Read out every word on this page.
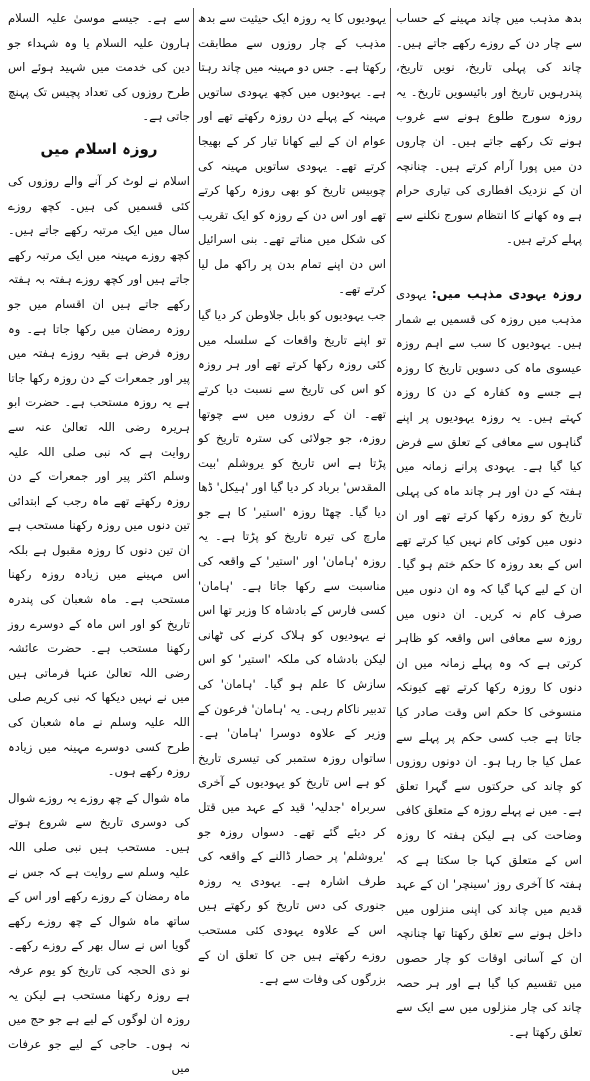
بدھ مذہب میں چاند مہینے کے حساب سے چار دن کے روزے رکھے جاتے ہیں۔ چاند کی پہلی تاریخ، نویں تاریخ، پندرہویں تاریخ اور بائیسویں تاریخ۔ یہ روزہ سورج طلوع ہونے سے غروب ہونے تک رکھے جاتے ہیں۔ ان چاروں دن میں پورا آرام کرتے ہیں۔ چنانچہ ان کے نزدیک افطاری کی تیاری حرام ہے وہ کھانے کا انتظام سورج نکلنے سے پہلے کرتے ہیں۔

روزہ یہودی مذہب میں: یہودی مذہب میں روزہ کی قسمیں بے شمار ہیں۔ یہودیوں کا سب سے اہم روزہ عیسوی ماہ کی دسویں تاریخ کا روزہ ہے جسے وہ کفارہ کے دن کا روزہ کہتے ہیں۔ یہ روزہ یہودیوں پر اپنے گناہوں سے معافی کے تعلق سے فرض کیا گیا ہے۔ یہودی پرانے زمانہ میں ہفتہ کے دن اور ہر چاند ماہ کی پہلی تاریخ کو روزہ رکھا کرتے تھے اور ان دنوں میں کوئی کام نہیں کیا کرتے تھے اس کے بعد روزہ کا حکم ختم ہو گیا۔ ان کے لیے کہا گیا کہ وہ ان دنوں میں صرف کام نہ کریں۔ ان دنوں میں روزہ سے معافی اس واقعہ کو ظاہر کرتی ہے کہ وہ پہلے زمانہ میں ان دنوں کا روزہ رکھا کرتے تھے کیونکہ منسوخی کا حکم اس وقت صادر کیا جاتا ہے جب کسی حکم پر پہلے سے عمل کیا جا رہا ہو۔ ان دونوں روزوں کو چاند کی حرکتوں سے گہرا تعلق ہے۔ میں نے پہلے روزہ کے متعلق کافی وضاحت کی ہے لیکن ہفتہ کا روزہ اس کے متعلق کہا جا سکتا ہے کہ ہفتہ کا آخری روز 'سینچر' ان کے عہد قدیم میں چاند کی اپنی منزلوں میں داخل ہونے سے تعلق رکھتا تھا چنانچہ ان کے آسانی اوقات کو چار حصوں میں تقسیم کیا گیا ہے اور ہر حصہ چاند کی چار منزلوں میں سے ایک سے تعلق رکھتا ہے۔

یہودیوں کا یہ روزہ ایک حیثیت سے بدھ مذہب کے چار روزوں سے مطابقت رکھتا ہے۔ جس دو مہینہ میں چاند رہتا ہے۔ یہودیوں میں کچھ یہودی ساتویں مہینہ کے پہلے دن روزہ رکھتے تھے اور عوام ان کے لیے کھانا تیار کر کے بھیجا کرتے تھے۔ یہودی ساتویں مہینہ کی چوبیس تاریخ کو بھی روزہ رکھا کرتے تھے اور اس دن کے روزہ کو ایک تقریب کی شکل میں مناتے تھے۔ بنی اسرائیل اس دن اپنے تمام بدن پر راکھ مل لیا کرتے تھے۔

جب یہودیوں کو بابل جلاوطن کر دیا گیا تو اپنے تاریخ واقعات کے سلسلہ میں کئی روزہ رکھا کرتے تھے اور ہر روزہ کو اس کی تاریخ سے نسبت دیا کرتے تھے۔ ان کے روزوں میں سے چوتھا روزہ، جو جولائی کی سترہ تاریخ کو پڑتا ہے اس تاریخ کو یروشلم 'بیت المقدس' برباد کر دیا گیا اور 'ہیکل' ڈھا دیا گیا۔ چھٹا روزہ 'استیر' کا ہے جو مارچ کی تیرہ تاریخ کو پڑتا ہے۔ یہ روزہ 'ہامان' اور 'استیر' کے واقعہ کی مناسبت سے رکھا جاتا ہے۔ 'ہامان' کسی فارس کے بادشاہ کا وزیر تھا اس نے یہودیوں کو ہلاک کرنے کی ٹھانی لیکن بادشاہ کی ملکہ 'استیر' کو اس سازش کا علم ہو گیا۔ 'ہامان' کی تدبیر ناکام رہی۔ یہ 'ہامان' فرعون کے وزیر کے علاوہ دوسرا 'ہامان' ہے۔ ساتواں روزہ ستمبر کی تیسری تاریخ کو ہے اس تاریخ کو یہودیوں کے آخری سربراہ 'جدلیہ' قید کے عہد میں قتل کر دیئے گئے تھے۔ دسواں روزہ جو 'یروشلم' پر حصار ڈالنے کے واقعہ کی طرف اشارہ ہے۔ یہودی یہ روزہ جنوری کی دس تاریخ کو رکھتے ہیں اس کے علاوہ یہودی کئی مستحب روزے رکھتے ہیں جن کا تعلق ان کے بزرگوں کی وفات سے ہے۔

سے ہے۔ جیسے موسیٰ علیہ السلام ہارون علیہ السلام یا وہ شہداء جو دین کی خدمت میں شہید ہوئے اس طرح روزوں کی تعداد پچیس تک پہنچ جاتی ہے۔

روزہ اسلام میں

اسلام نے لوٹ کر آنے والے روزوں کی کئی قسمیں کی ہیں۔ کچھ روزے سال میں ایک مرتبہ رکھے جاتے ہیں۔ کچھ روزے مہینہ میں ایک مرتبہ رکھے جاتے ہیں اور کچھ روزے ہفتہ بہ ہفتہ رکھے جاتے ہیں ان اقسام میں جو روزہ رمضان میں رکھا جاتا ہے۔ وہ روزہ فرض ہے بقیہ روزے ہفتہ میں پیر اور جمعرات کے دن روزہ رکھا جاتا ہے یہ روزہ مستحب ہے۔ حضرت ابو ہریرہ رضی اللہ تعالیٰ عنہ سے روایت ہے کہ نبی صلی اللہ علیہ وسلم اکثر پیر اور جمعرات کے دن روزہ رکھتے تھے ماہ رجب کے ابتدائی تین دنوں میں روزہ رکھنا مستحب ہے ان تین دنوں کا روزہ مقبول ہے بلکہ اس مہینے میں زیادہ روزہ رکھنا مستحب ہے۔ ماہ شعبان کی پندرہ تاریخ کو اور اس ماہ کے دوسرے روز رکھنا مستحب ہے۔ حضرت عائشہ رضی اللہ تعالیٰ عنہا فرماتی ہیں میں نے نہیں دیکھا کہ نبی کریم صلی اللہ علیہ وسلم نے ماہ شعبان کی طرح کسی دوسرے مہینہ میں زیادہ روزہ رکھے ہوں۔

ماہ شوال کے چھ روزے یہ روزے شوال کی دوسری تاریخ سے شروع ہوتے ہیں۔ مستحب ہیں نبی صلی اللہ علیہ وسلم سے روایت ہے کہ جس نے ماہ رمضان کے روزے رکھے اور اس کے ساتھ ماہ شوال کے چھ روزے رکھے گویا اس نے سال بھر کے روزے رکھے۔ نو ذی الحجہ کی تاریخ کو یوم عرفہ ہے روزہ رکھنا مستحب ہے لیکن یہ روزہ ان لوگوں کے لیے ہے جو حج میں نہ ہوں۔ حاجی کے لیے جو عرفات میں
